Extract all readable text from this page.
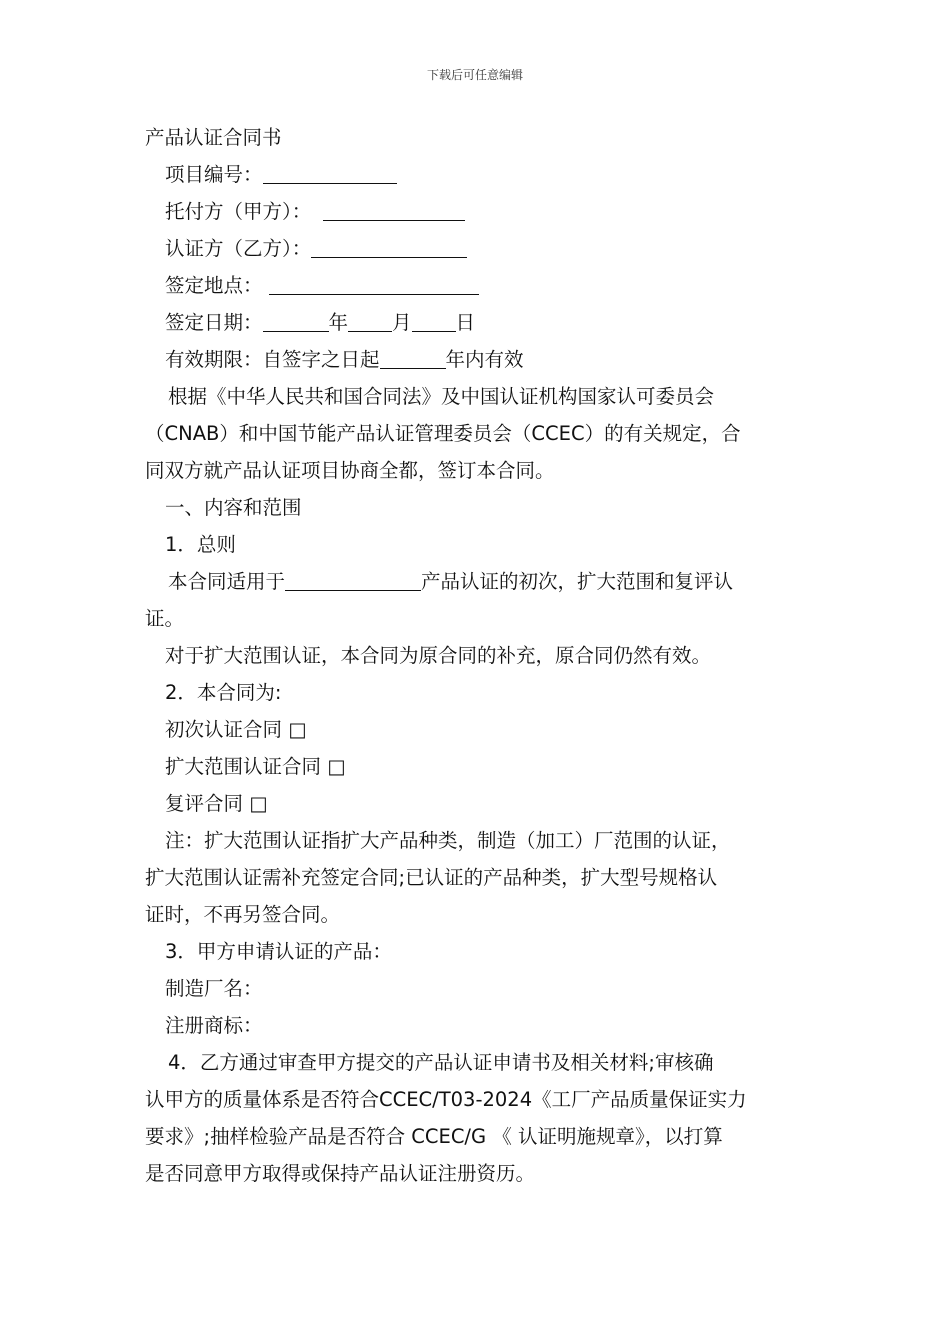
下载后可任意编辑
产品认证合同书
项目编号：
托付方（甲方）：
认证方（乙方）：
签定地点：
签定日期：	年 月 日
有效期限：自签字之日起	年内有效
根据《中华人民共和国合同法》及中国认证机构国家认可委员会
（CNAB）和中国节能产品认证管理委员会（CCEC）的有关规定，合
同双方就产品认证项目协商全都，签订本合同。
一、内容和范围
1．总则
本合同适用于	产品认证的初次，扩大范围和复评认
证。
对于扩大范围认证，本合同为原合同的补充，原合同仍然有效。
2．本合同为:
初次认证合同 □
扩大范围认证合同 □
复评合同 □
注：扩大范围认证指扩大产品种类，制造（加工）厂范围的认证，
扩大范围认证需补充签定合同;已认证的产品种类，扩大型号规格认
证时，不再另签合同。
3．甲方申请认证的产品：
制造厂名：
注册商标：
4．乙方通过审查甲方提交的产品认证申请书及相关材料;审核确
认甲方的质量体系是否符合CCEC/T03-2024《工厂产品质量保证实力
要求》;抽样检验产品是否符合 CCEC/G 《 认证明施规章》，以打算
是否同意甲方取得或保持产品认证注册资历。
